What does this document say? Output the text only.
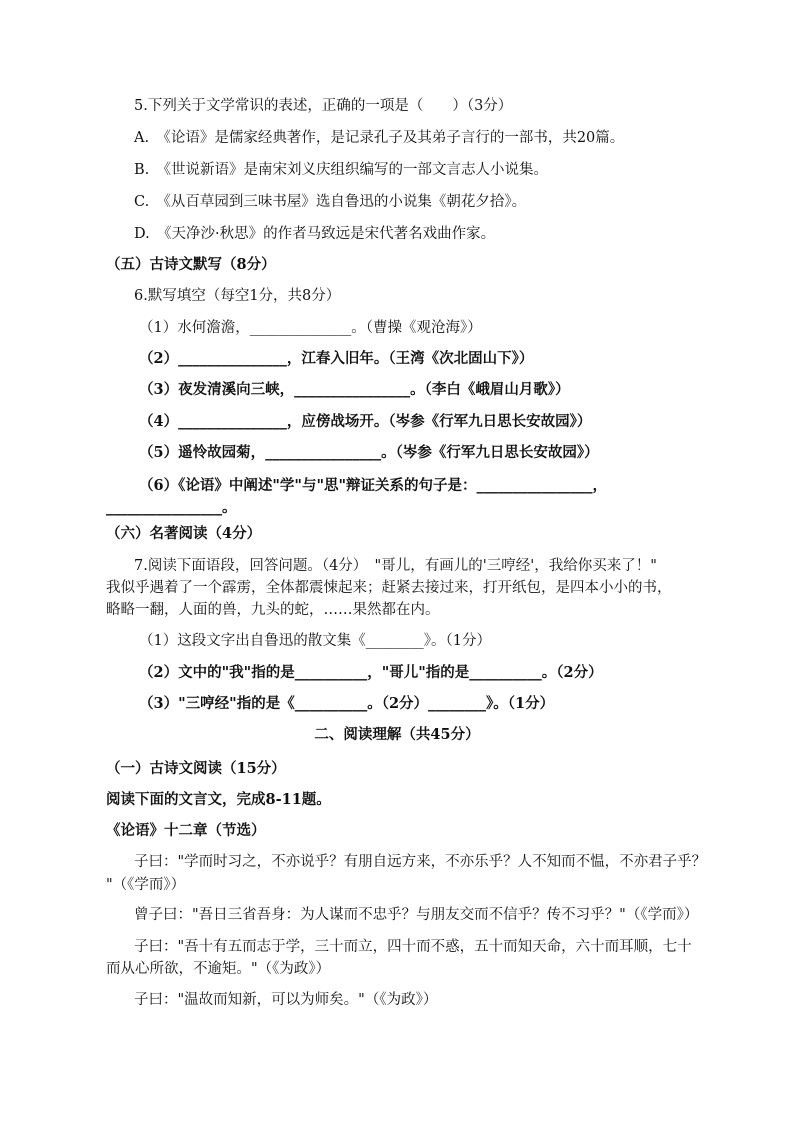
5.下列关于文学常识的表述，正确的一项是（　　）（3分）
A.　《论语》是儒家经典著作，是记录孔子及其弟子言行的一部书，共20篇。
B.　《世说新语》是南宋刘义庆组织编写的一部文言志人小说集。
C.　《从百草园到三味书屋》选自鲁迅的小说集《朝花夕拾》。
D.　《天净沙·秋思》的作者马致远是宋代著名戏曲作家。
（五）古诗文默写（8分）
6.默写填空（每空1分，共8分）
（1）水何澹澹，______________。（曹操《观沧海》）
（2）_______________，江春入旧年。（王湾《次北固山下》）
（3）夜发清溪向三峡，________________。（李白《峨眉山月歌》）
（4）_______________，应傍战场开。（岑参《行军九日思长安故园》）
（5）遥怜故园菊，________________。（岑参《行军九日思长安故园》）
（6）《论语》中阐述"学"与"思"辩证关系的句子是：________________，
________________。
（六）名著阅读（4分）
7.阅读下面语段，回答问题。（4分）　"哥儿，有画儿的'三哼经'，我给你买来了！"
我似乎遇着了一个霹雳，全体都震悚起来；赶紧去接过来，打开纸包，是四本小小的书，
略略一翻，人面的兽，九头的蛇，……果然都在内。
（1）这段文字出自鲁迅的散文集《________》。（1分）
（2）文中的"我"指的是__________，"哥儿"指的是__________。（2分）
（3）"三哼经"指的是《__________。（2分）________》。（1分）
二、阅读理解（共45分）
（一）古诗文阅读（15分）
阅读下面的文言文，完成8-11题。
《论语》十二章（节选）
子曰："学而时习之，不亦说乎？有朋自远方来，不亦乐乎？人不知而不愠，不亦君子乎？
"（《学而》）
曾子曰："吾日三省吾身：为人谋而不忠乎？与朋友交而不信乎？传不习乎？"（《学而》）
子曰："吾十有五而志于学，三十而立，四十而不惑，五十而知天命，六十而耳顺，七十
而从心所欲，不逾矩。"（《为政》）
子曰："温故而知新，可以为师矣。"（《为政》）
